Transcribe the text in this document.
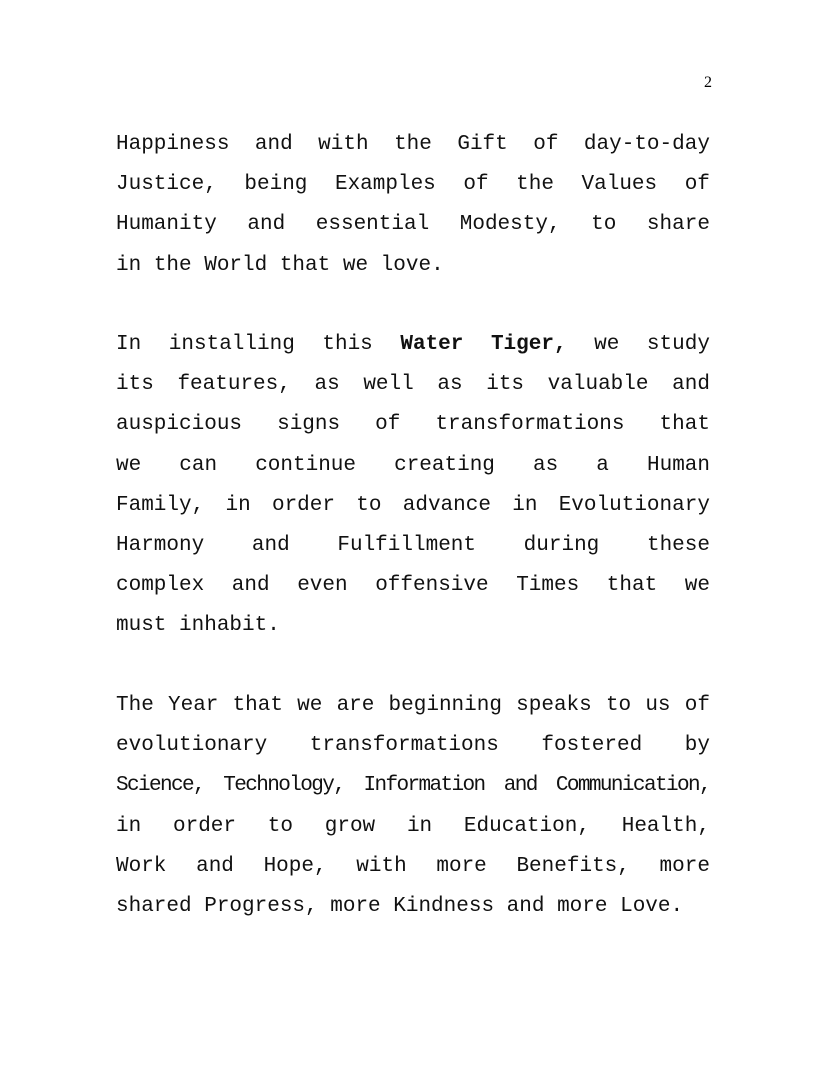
2
Happiness and with the Gift of day-to-day
Justice, being Examples of the Values of
Humanity and essential Modesty, to share
in the World that we love.
In installing this Water Tiger, we study
its features, as well as its valuable and
auspicious signs of transformations that
we can continue creating as a Human
Family, in order to advance in Evolutionary
Harmony and Fulfillment during these
complex and even offensive Times that we
must inhabit.
The Year that we are beginning speaks to us of
evolutionary transformations fostered by
Science, Technology, Information and Communication,
in order to grow in Education, Health,
Work and Hope, with more Benefits, more
shared Progress, more Kindness and more Love.
